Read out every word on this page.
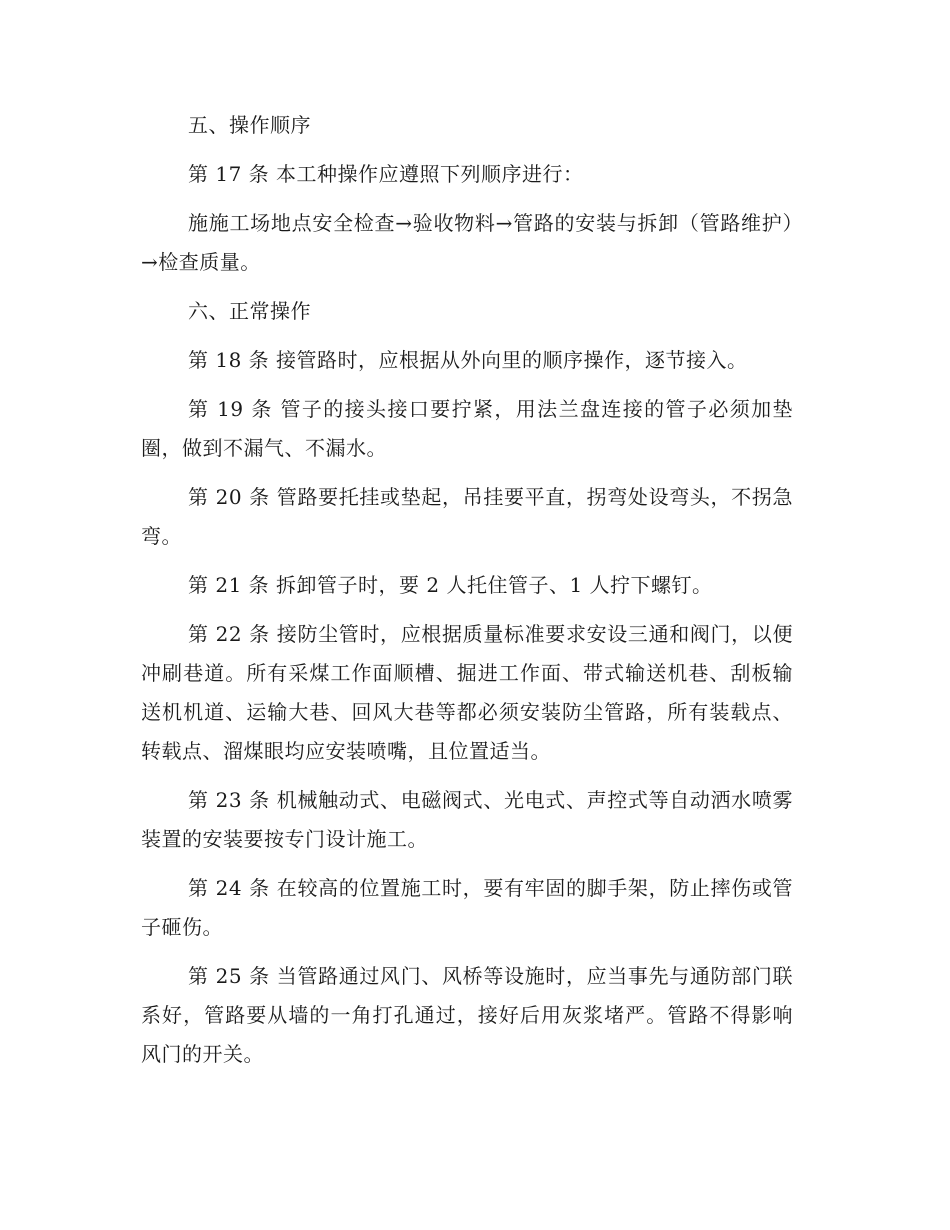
五、操作顺序

第 17 条 本工种操作应遵照下列顺序进行：

施施工场地点安全检查→验收物料→管路的安装与拆卸（管路维护）→检查质量。

六、正常操作

第 18 条 接管路时，应根据从外向里的顺序操作，逐节接入。

第 19 条 管子的接头接口要拧紧，用法兰盘连接的管子必须加垫圈，做到不漏气、不漏水。

第 20 条 管路要托挂或垫起，吊挂要平直，拐弯处设弯头，不拐急弯。

第 21 条 拆卸管子时，要 2 人托住管子、1 人拧下螺钉。

第 22 条 接防尘管时，应根据质量标准要求安设三通和阀门，以便冲刷巷道。所有采煤工作面顺槽、掘进工作面、带式输送机巷、刮板输送机机道、运输大巷、回风大巷等都必须安装防尘管路，所有装载点、转载点、溜煤眼均应安装喷嘴，且位置适当。

第 23 条 机械触动式、电磁阀式、光电式、声控式等自动洒水喷雾装置的安装要按专门设计施工。

第 24 条 在较高的位置施工时，要有牢固的脚手架，防止摔伤或管子砸伤。

第 25 条 当管路通过风门、风桥等设施时，应当事先与通防部门联系好，管路要从墙的一角打孔通过，接好后用灰浆堵严。管路不得影响风门的开关。
